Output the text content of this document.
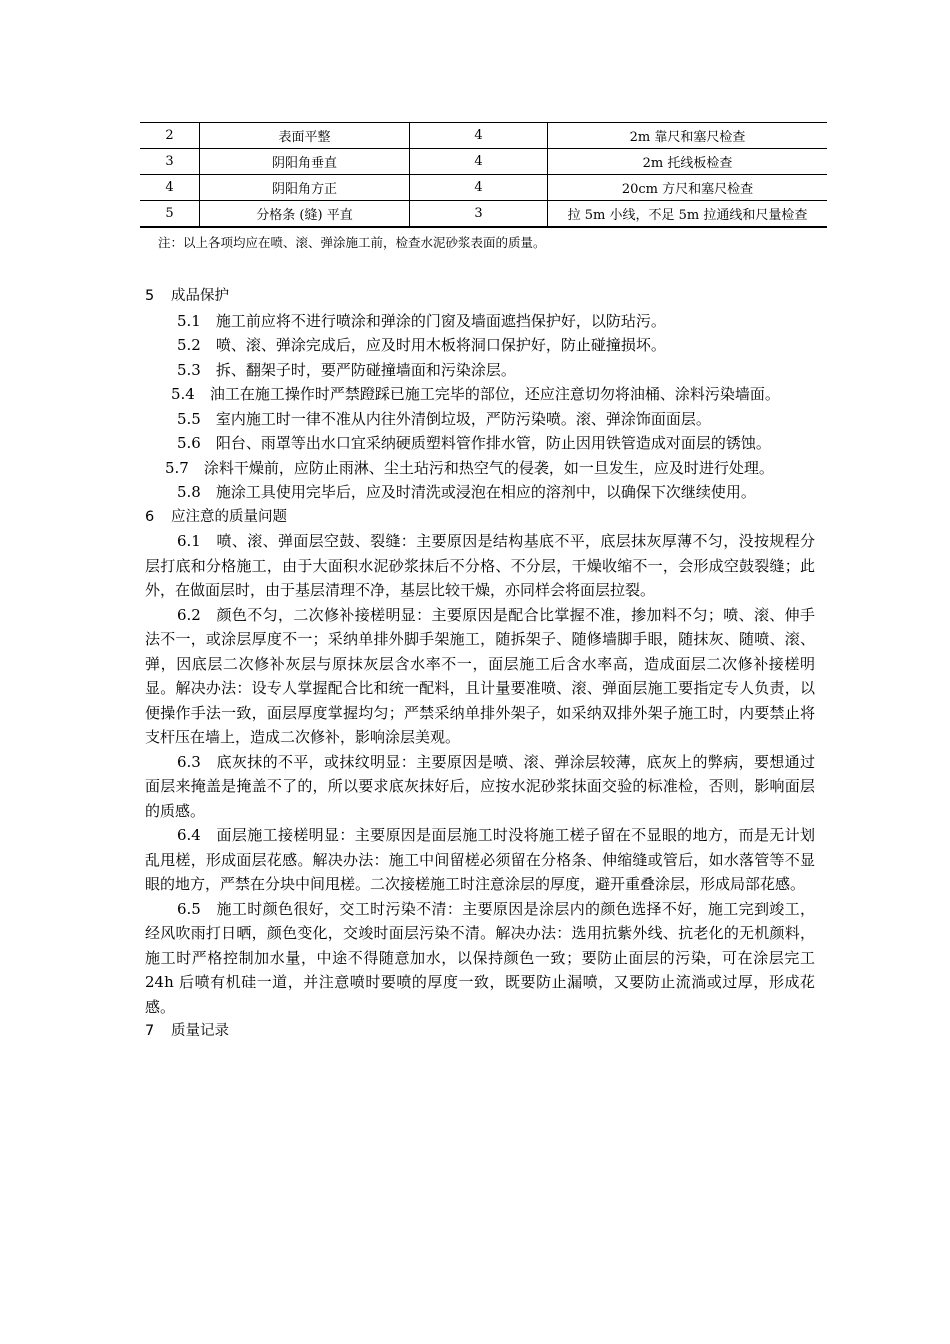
2	表面平整	4	2m 靠尺和塞尺检查
3	阴阳角垂直	4	2m 托线板检查
4	阴阳角方正	4	20cm 方尺和塞尺检查
5	分格条 (缝) 平直	3	拉 5m 小线，不足 5m 拉通线和尺量检查
注：以上各项均应在喷、滚、弹涂施工前，检查水泥砂浆表面的质量。

5 成品保护

5.1　施工前应将不进行喷涂和弹涂的门窗及墙面遮挡保护好，以防玷污。

5.2　喷、滚、弹涂完成后，应及时用木板将洞口保护好，防止碰撞损坏。

5.3　拆、翻架子时，要严防碰撞墙面和污染涂层。

5.4　油工在施工操作时严禁蹬踩已施工完毕的部位，还应注意切勿将油桶、涂料污染墙面。

5.5　室内施工时一律不准从内往外清倒垃圾，严防污染喷。滚、弹涂饰面面层。

5.6　阳台、雨罩等出水口宜采纳硬质塑料管作排水管，防止因用铁管造成对面层的锈蚀。

5.7　涂料干燥前，应防止雨淋、尘土玷污和热空气的侵袭，如一旦发生，应及时进行处理。

5.8　施涂工具使用完毕后，应及时清洗或浸泡在相应的溶剂中，以确保下次继续使用。

6 应注意的质量问题

6.1　喷、滚、弹面层空鼓、裂缝：主要原因是结构基底不平，底层抹灰厚薄不匀，没按规程分层打底和分格施工，由于大面积水泥砂浆抹后不分格、不分层，干燥收缩不一，会形成空鼓裂缝；此外，在做面层时，由于基层清理不净，基层比较干燥，亦同样会将面层拉裂。

6.2　颜色不匀，二次修补接槎明显：主要原因是配合比掌握不准，掺加料不匀；喷、滚、伸手法不一，或涂层厚度不一；采纳单排外脚手架施工，随拆架子、随修墙脚手眼，随抹灰、随喷、滚、弹，因底层二次修补灰层与原抹灰层含水率不一，面层施工后含水率高，造成面层二次修补接槎明显。解决办法：设专人掌握配合比和统一配料，且计量要准喷、滚、弹面层施工要指定专人负责，以便操作手法一致，面层厚度掌握均匀；严禁采纳单排外架子，如采纳双排外架子施工时，内要禁止将支杆压在墙上，造成二次修补，影响涂层美观。

6.3　底灰抹的不平，或抹纹明显：主要原因是喷、滚、弹涂层较薄，底灰上的弊病，要想通过面层来掩盖是掩盖不了的，所以要求底灰抹好后，应按水泥砂浆抹面交验的标准检，否则，影响面层的质感。

6.4　面层施工接槎明显：主要原因是面层施工时没将施工槎子留在不显眼的地方，而是无计划乱甩槎，形成面层花感。解决办法：施工中间留槎必须留在分格条、伸缩缝或管后，如水落管等不显眼的地方，严禁在分块中间甩槎。二次接槎施工时注意涂层的厚度，避开重叠涂层，形成局部花感。

6.5　施工时颜色很好，交工时污染不清：主要原因是涂层内的颜色选择不好，施工完到竣工，经风吹雨打日晒，颜色变化，交竣时面层污染不清。解决办法：选用抗紫外线、抗老化的无机颜料，施工时严格控制加水量，中途不得随意加水，以保持颜色一致；要防止面层的污染，可在涂层完工 24h 后喷有机硅一道，并注意喷时要喷的厚度一致，既要防止漏喷，又要防止流淌或过厚，形成花感。

7 质量记录
